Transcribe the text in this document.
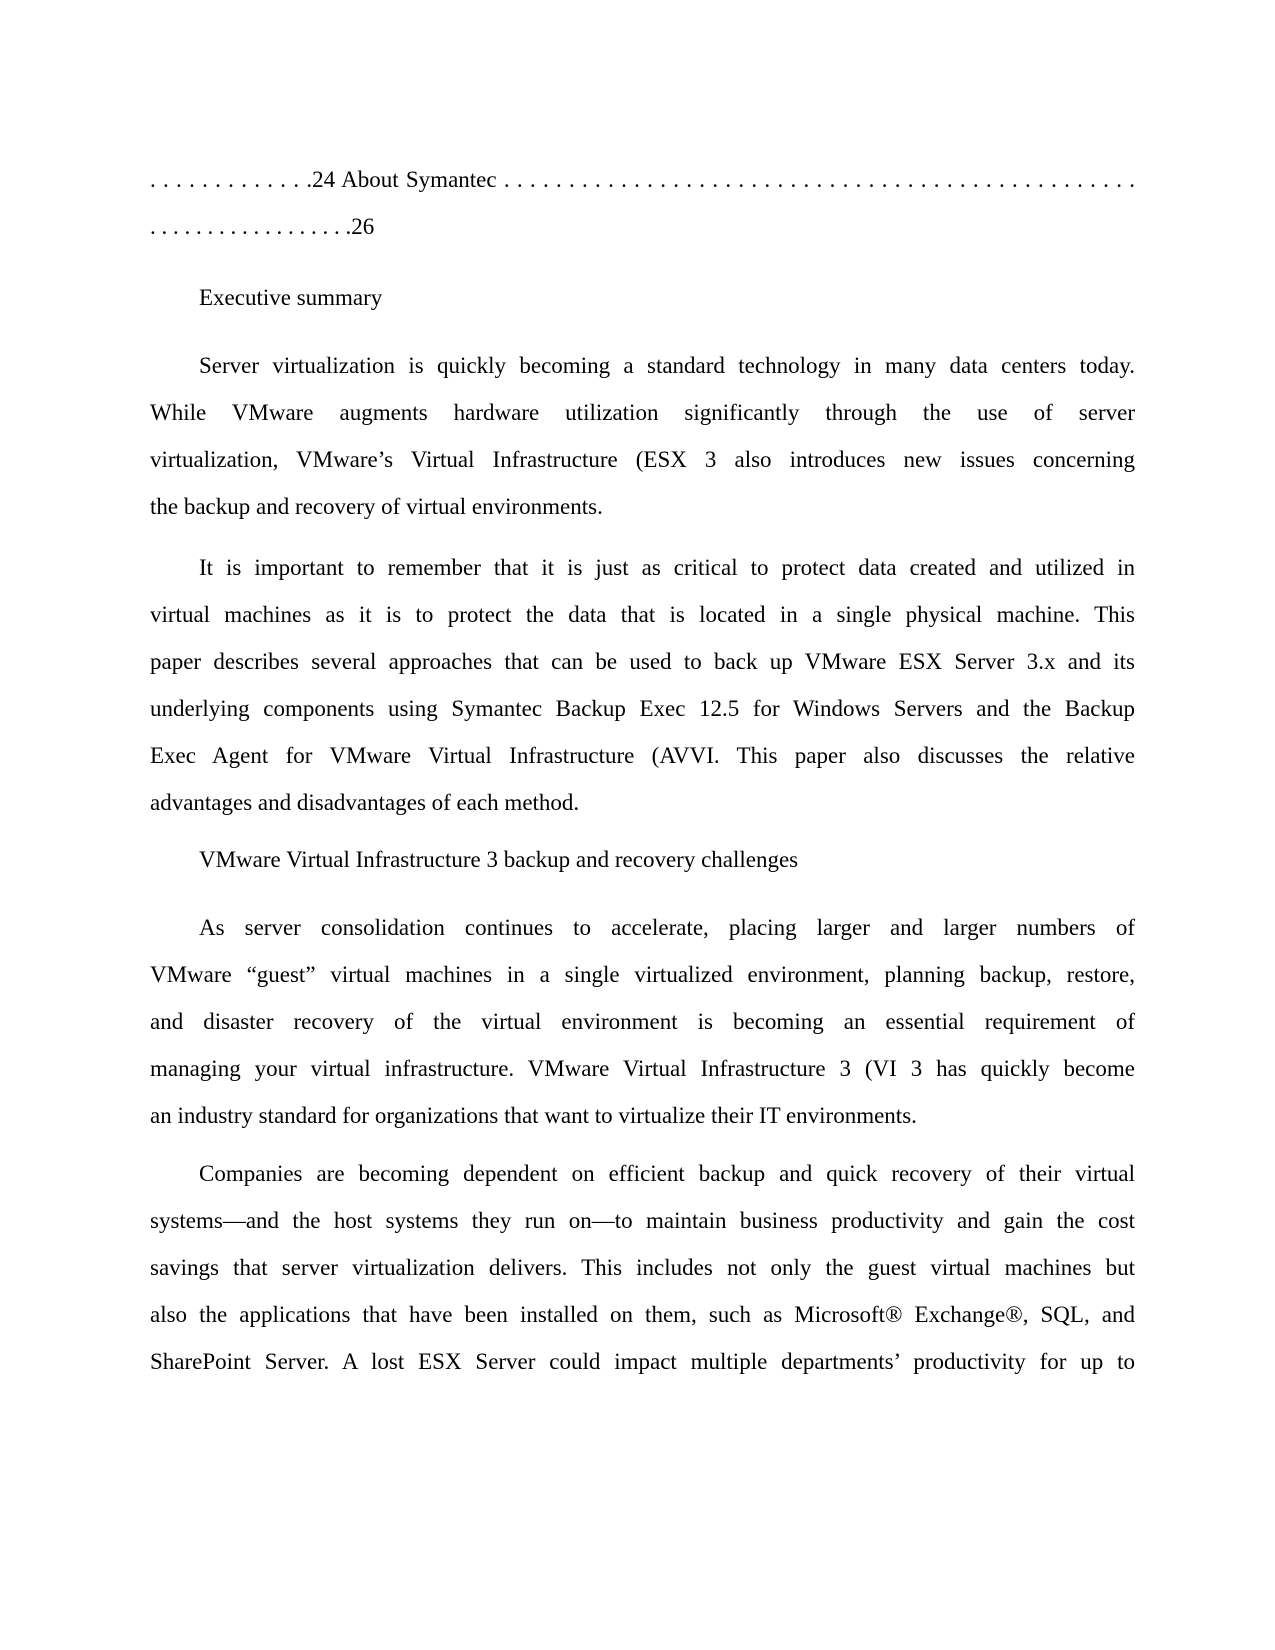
. . . . . . . . . . . . .24 About Symantec . . . . . . . . . . . . . . . . . . . . . . . . . . . . . . . . . . . . . . . . . . . . . . . . .
. . . . . . . . . . . . . . . . . .26
Executive summary
Server virtualization is quickly becoming a standard technology in many data centers today.
While VMware augments hardware utilization significantly through the use of server
virtualization, VMware’s Virtual Infrastructure (ESX 3 also introduces new issues concerning
the backup and recovery of virtual environments.
It is important to remember that it is just as critical to protect data created and utilized in
virtual machines as it is to protect the data that is located in a single physical machine. This
paper describes several approaches that can be used to back up VMware ESX Server 3.x and its
underlying components using Symantec Backup Exec 12.5 for Windows Servers and the Backup
Exec Agent for VMware Virtual Infrastructure (AVVI. This paper also discusses the relative
advantages and disadvantages of each method.
VMware Virtual Infrastructure 3 backup and recovery challenges
As server consolidation continues to accelerate, placing larger and larger numbers of
VMware “guest” virtual machines in a single virtualized environment, planning backup, restore,
and disaster recovery of the virtual environment is becoming an essential requirement of
managing your virtual infrastructure. VMware Virtual Infrastructure 3 (VI 3 has quickly become
an industry standard for organizations that want to virtualize their IT environments.
Companies are becoming dependent on efficient backup and quick recovery of their virtual
systems—and the host systems they run on—to maintain business productivity and gain the cost
savings that server virtualization delivers. This includes not only the guest virtual machines but
also the applications that have been installed on them, such as Microsoft® Exchange®, SQL, and
SharePoint Server. A lost ESX Server could impact multiple departments’ productivity for up to
